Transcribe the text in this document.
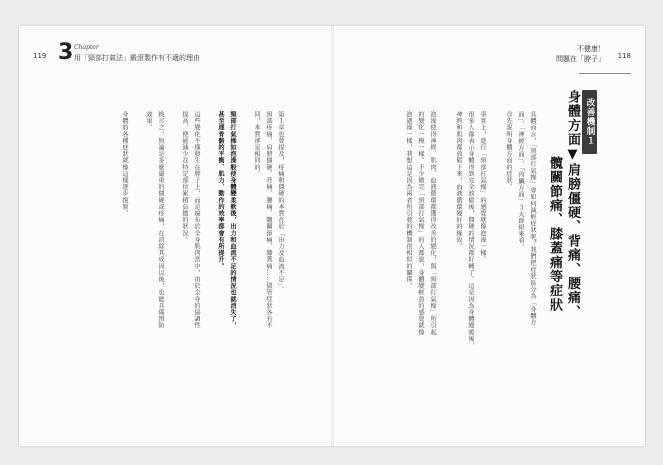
119 3 Chapter
用「頸部打氣法」鍛滾製作有不適的理由
不健康！
問題在「脖子」 118
改善機制１
身體方面▼肩膀僵硬、背痛、腰痛、
髖關節痛、膝蓋痛等症狀
具體而言，「頸部打氣操」會如何減輕症狀呢？我們把症狀區分為「身體方
面」、「神經方面」、「內臟方面」３大群組來看。
首先說明身體方面的症狀。
事實上，進行「頸部打氣操」的感覺就像泡澡一樣。
很多人都表示身體得到完全放鬆後，僵硬的情況都好轉了。這是因為身體變暖後，
神經和肌肉都放鬆下來，血液循環變好的緣故。
泡澡使得神經、肌肉、血液循環都獲得改善的變化，與「頸部打氣操」所引起
的變化一模一樣。不少做完「頸部打氣操」的人都說，身體變輕盈的感覺就像
泡過澡一樣，我想這是因為兩者所引發的機制很相似的關係。
第１章也曾提及，疼痛和僵硬的本質在於「出力及血流不足」。
頸部疼痛、肩膀僵硬、背痛、腰痛、髖關節痛、膝蓋痛……儘管症狀各有不
同，本質卻是相同的。
頸部打氣操如泡澡般使身體變柔軟後，出力和血流不足的情況也就消失了，
甚至連骨骼的平衡、肌力、動作的效率都會有所提升。
這些變化不僅發生在脖子上，而是遍布於全身肌肉當中，由於全身的協調性
提高，便能減少在特定部位累積負擔的狀況。
換言之，無論是多麼嚴重的僵硬或疼痛，在消除其成因以後，也能具備預防
效果。
身體的各種症狀就像這樣逐步復原。
